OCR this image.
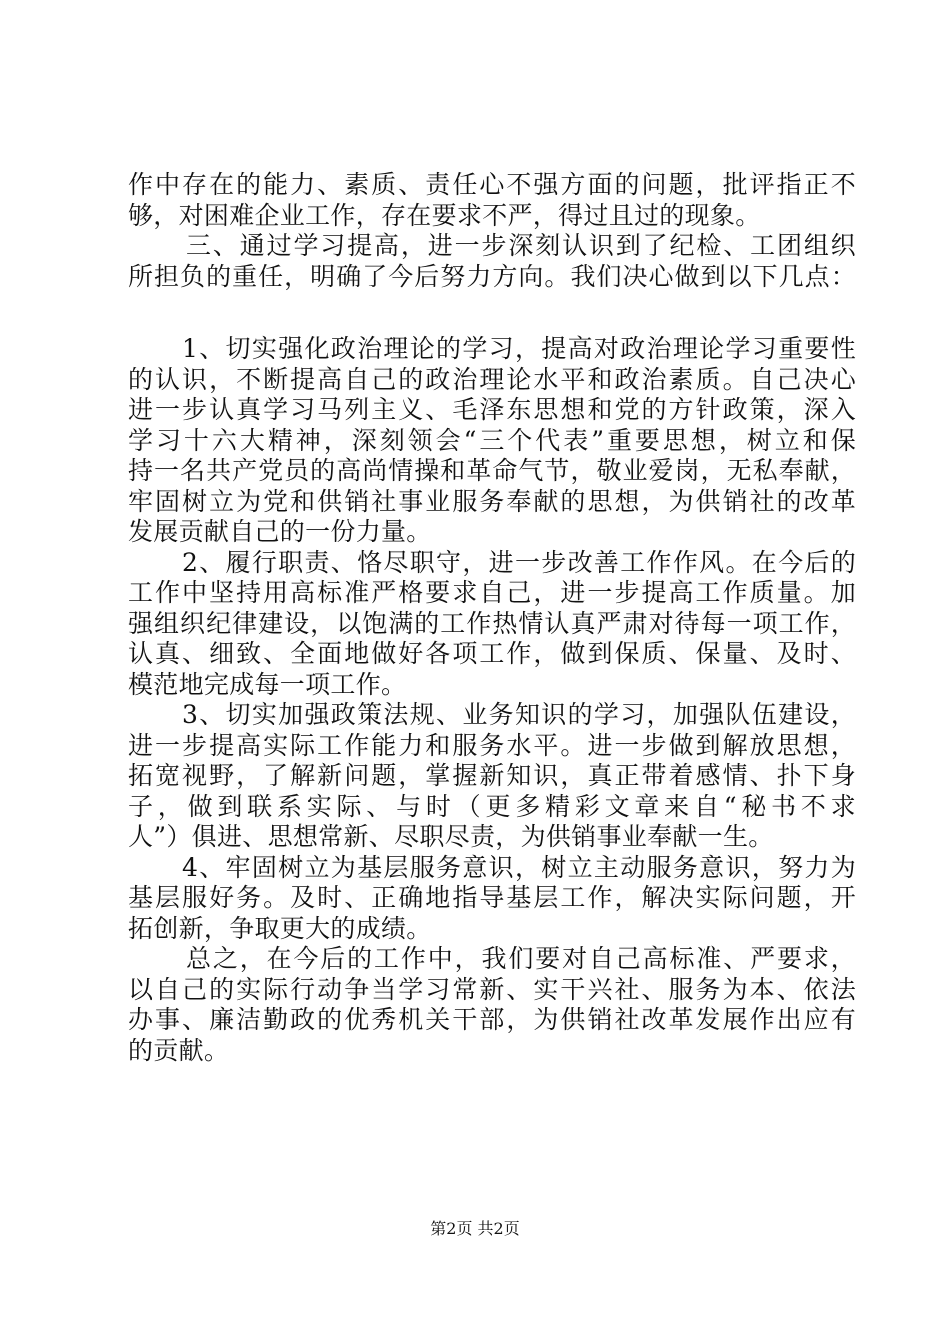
作中存在的能力、素质、责任心不强方面的问题，批评指正不
够，对困难企业工作，存在要求不严，得过且过的现象。
三、通过学习提高，进一步深刻认识到了纪检、工团组织
所担负的重任，明确了今后努力方向。我们决心做到以下几点：
1、切实强化政治理论的学习，提高对政治理论学习重要性
的认识，不断提高自己的政治理论水平和政治素质。自己决心
进一步认真学习马列主义、毛泽东思想和党的方针政策，深入
学习十六大精神，深刻领会“三个代表”重要思想，树立和保
持一名共产党员的高尚情操和革命气节，敬业爱岗，无私奉献，
牢固树立为党和供销社事业服务奉献的思想，为供销社的改革
发展贡献自己的一份力量。
2、履行职责、恪尽职守，进一步改善工作作风。在今后的
工作中坚持用高标准严格要求自己，进一步提高工作质量。加
强组织纪律建设，以饱满的工作热情认真严肃对待每一项工作，
认真、细致、全面地做好各项工作，做到保质、保量、及时、
模范地完成每一项工作。
3、切实加强政策法规、业务知识的学习，加强队伍建设，
进一步提高实际工作能力和服务水平。进一步做到解放思想，
拓宽视野，了解新问题，掌握新知识，真正带着感情、扑下身
子，做到联系实际、与时（更多精彩文章来自“秘书不求
人”）俱进、思想常新、尽职尽责，为供销事业奉献一生。
4、牢固树立为基层服务意识，树立主动服务意识，努力为
基层服好务。及时、正确地指导基层工作，解决实际问题，开
拓创新，争取更大的成绩。
总之，在今后的工作中，我们要对自己高标准、严要求，
以自己的实际行动争当学习常新、实干兴社、服务为本、依法
办事、廉洁勤政的优秀机关干部，为供销社改革发展作出应有
的贡献。
第2页 共2页
